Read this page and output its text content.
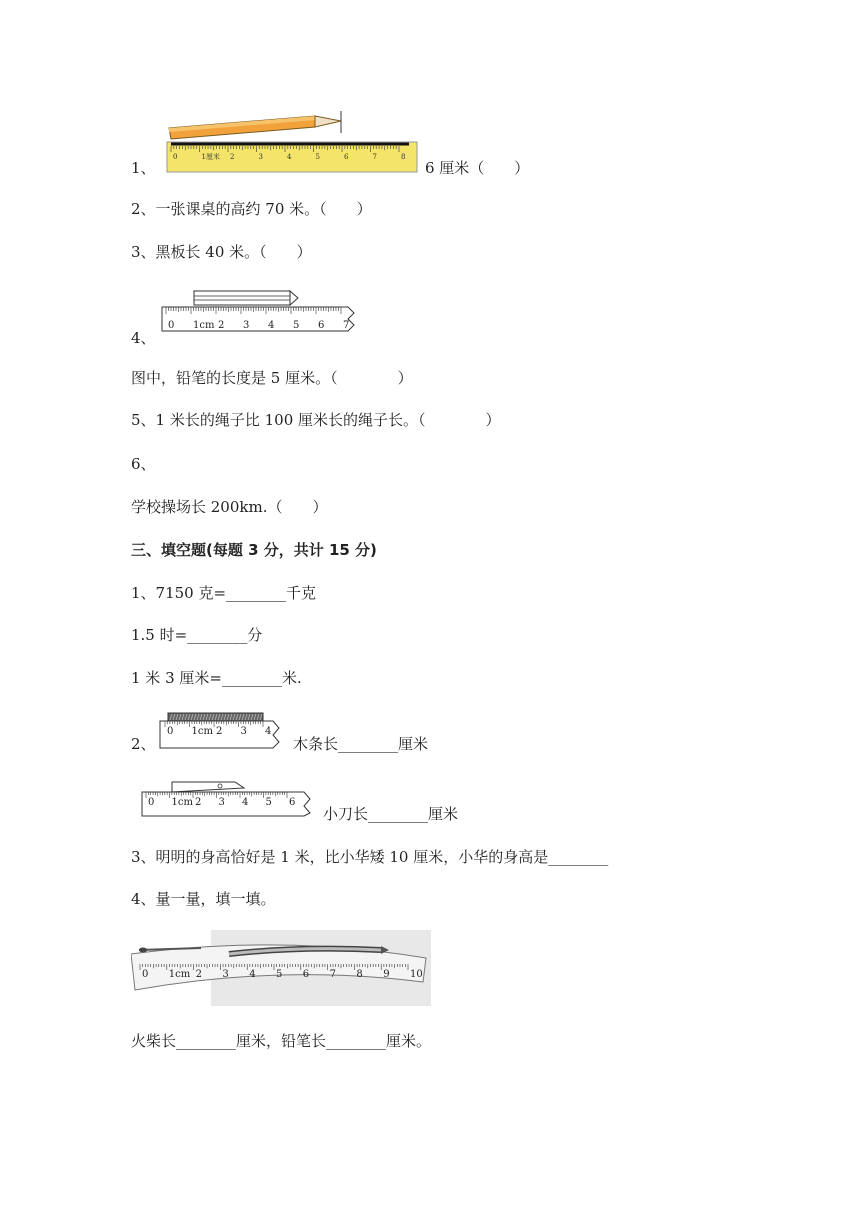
1、
0	1厘米 2	3	4	5	6	7	8
6 厘米（　　）
2、一张课桌的高约 70 米。（　　）
3、黑板长 40 米。（　　）
0 1cm 2 3 4 5 6 7
4、
图中，铅笔的长度是 5 厘米。（　　　　）
5、1 米长的绳子比 100 厘米长的绳子长。（　　　　）
6、
学校操场长 200km.（　　）
三、填空题(每题 3 分，共计 15 分)
1、7150 克=________千克
1.5 时=________分
1 米 3 厘米=________米.
2、
0 1cm 2 3 4
木条长________厘米
0 1cm 2 3 4 5 6
小刀长________厘米
3、明明的身高恰好是 1 米，比小华矮 10 厘米，小华的身高是________
4、量一量，填一填。
0 1cm 2 3 4 5 6 7 8 9 10
火柴长________厘米，铅笔长________厘米。
